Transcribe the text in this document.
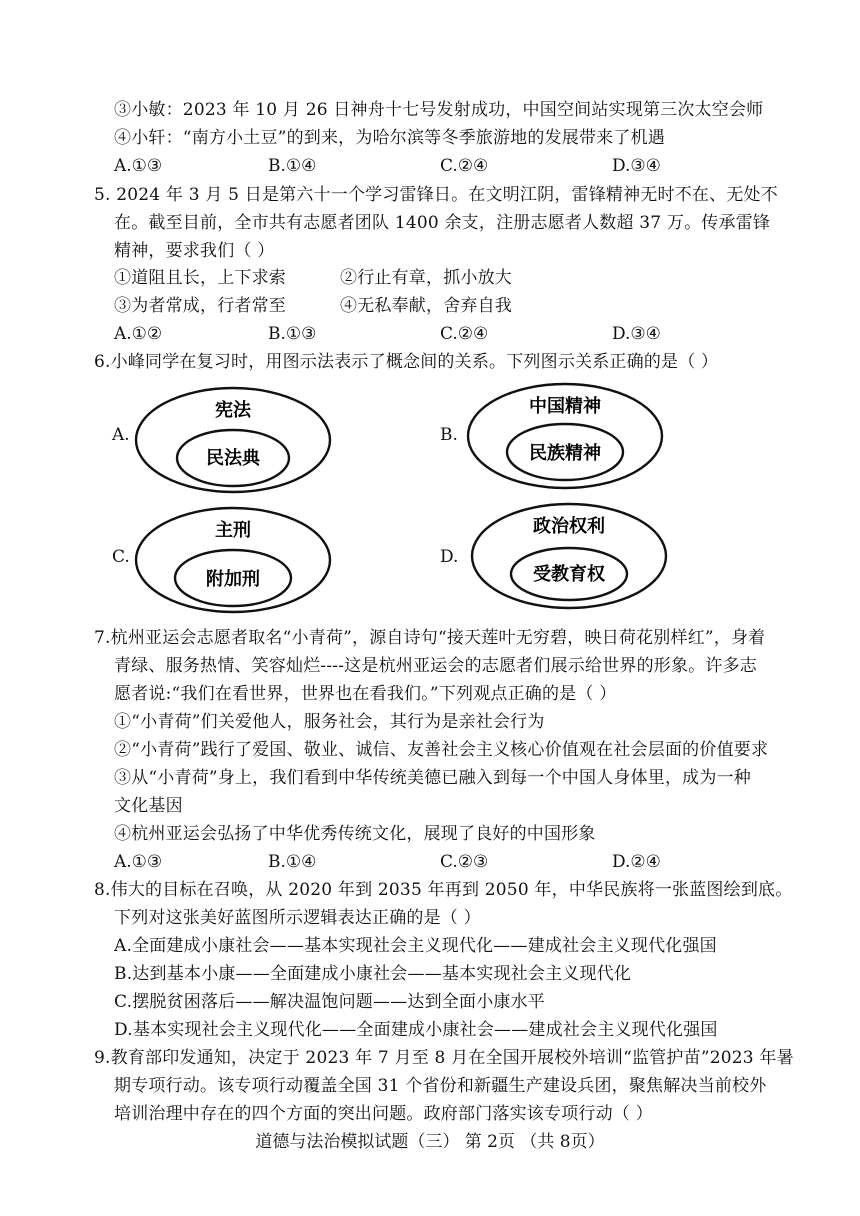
③小敏：2023 年 10 月 26 日神舟十七号发射成功，中国空间站实现第三次太空会师
④小轩：“南方小土豆”的到来，为哈尔滨等冬季旅游地的发展带来了机遇
A.①③	B.①④	C.②④	D.③④
5. 2024 年 3 月 5 日是第六十一个学习雷锋日。在文明江阴，雷锋精神无时不在、无处不
在。截至目前，全市共有志愿者团队 1400 余支，注册志愿者人数超 37 万。传承雷锋
精神，要求我们（ ）
①道阻且长，上下求索	②行止有章，抓小放大
③为者常成，行者常至	④无私奉献，舍弃自我
A.①②	B.①③	C.②④	D.③④
6.小峰同学在复习时，用图示法表示了概念间的关系。下列图示关系正确的是（ ）
A.
宪法
民法典
B.
中国精神
民族精神
C.
主刑
附加刑
D.
政治权利
受教育权
7.杭州亚运会志愿者取名“小青荷”，源自诗句“接天莲叶无穷碧，映日荷花别样红”，身着
青绿、服务热情、笑容灿烂----这是杭州亚运会的志愿者们展示给世界的形象。许多志
愿者说:“我们在看世界，世界也在看我们。”下列观点正确的是（ ）
①“小青荷”们关爱他人，服务社会，其行为是亲社会行为
②“小青荷”践行了爱国、敬业、诚信、友善社会主义核心价值观在社会层面的价值要求
③从“小青荷”身上，我们看到中华传统美德已融入到每一个中国人身体里，成为一种
文化基因
④杭州亚运会弘扬了中华优秀传统文化，展现了良好的中国形象
A.①③	B.①④	C.②③	D.②④
8.伟大的目标在召唤，从 2020 年到 2035 年再到 2050 年，中华民族将一张蓝图绘到底。
下列对这张美好蓝图所示逻辑表达正确的是（ ）
A.全面建成小康社会——基本实现社会主义现代化——建成社会主义现代化强国
B.达到基本小康——全面建成小康社会——基本实现社会主义现代化
C.摆脱贫困落后——解决温饱问题——达到全面小康水平
D.基本实现社会主义现代化——全面建成小康社会——建成社会主义现代化强国
9.教育部印发通知，决定于 2023 年 7 月至 8 月在全国开展校外培训“监管护苗”2023 年暑
期专项行动。该专项行动覆盖全国 31 个省份和新疆生产建设兵团，聚焦解决当前校外
培训治理中存在的四个方面的突出问题。政府部门落实该专项行动（ ）
道德与法治模拟试题（三） 第 2页 （共 8页）
